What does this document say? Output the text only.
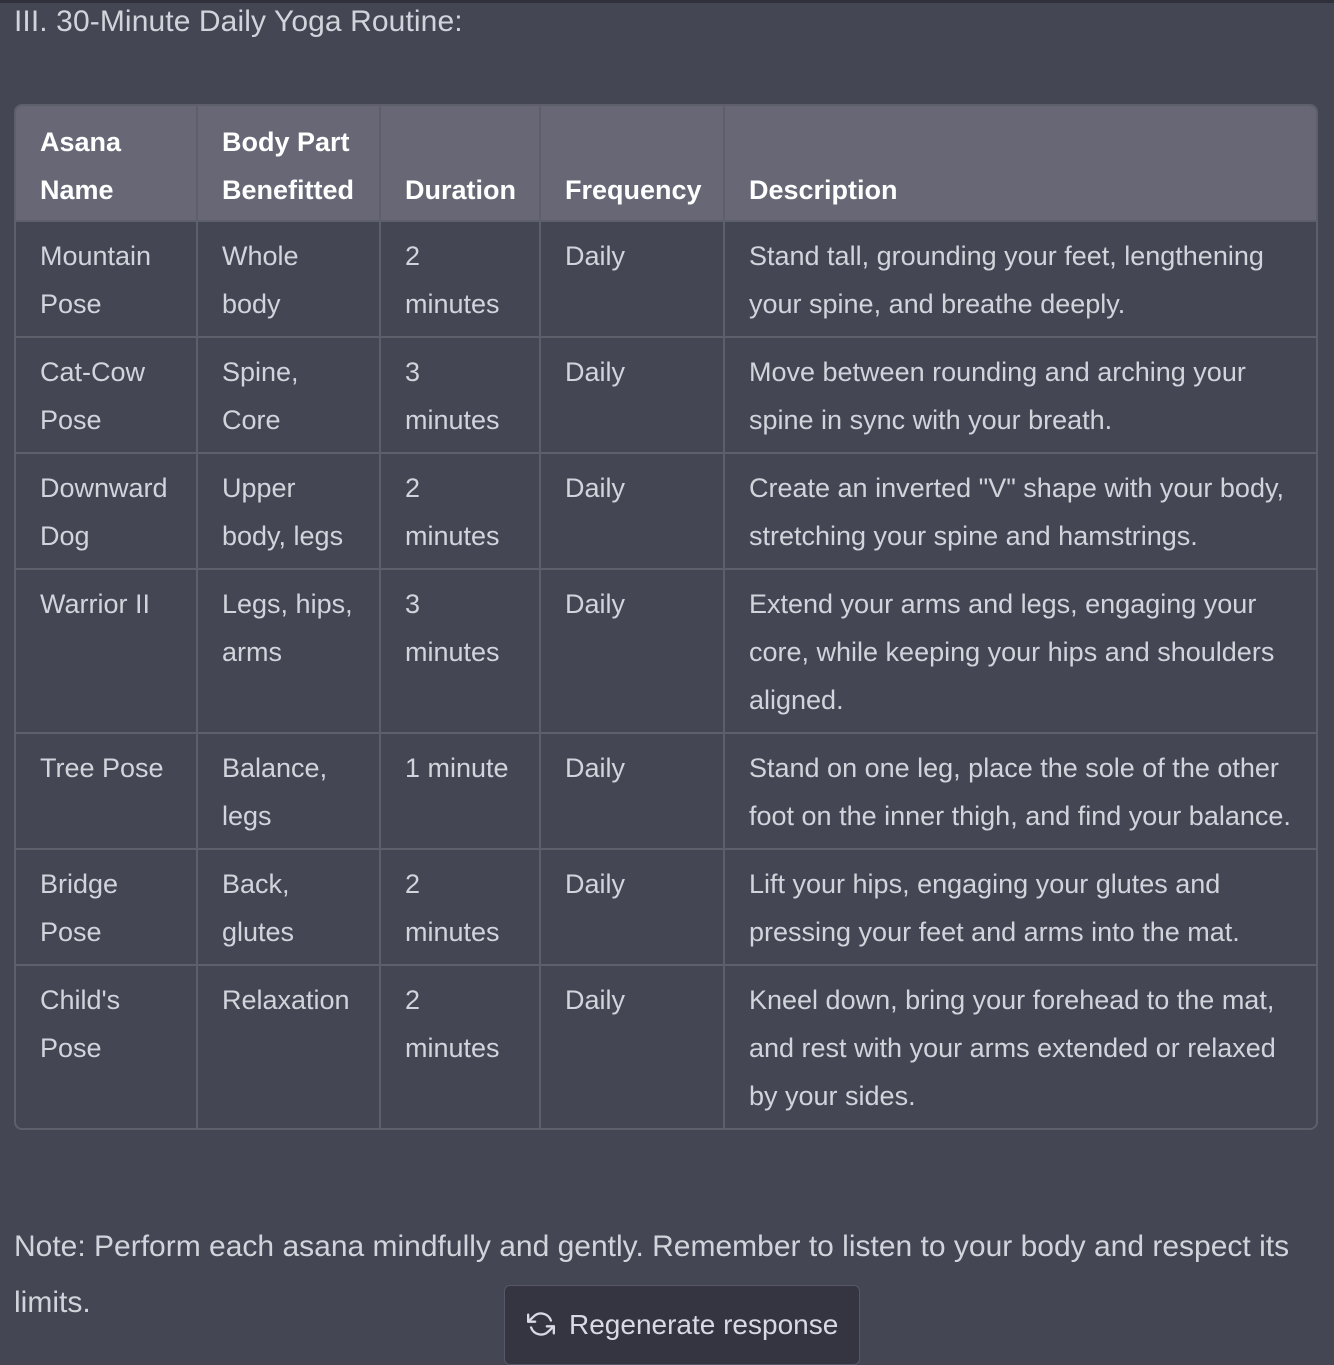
III. 30-Minute Daily Yoga Routine:
Asana Name	Body Part Benefitted	Duration	Frequency	Description
Mountain Pose	Whole body	2 minutes	Daily	Stand tall, grounding your feet, lengthening your spine, and breathe deeply.
Cat-Cow Pose	Spine, Core	3 minutes	Daily	Move between rounding and arching your spine in sync with your breath.
Downward Dog	Upper body, legs	2 minutes	Daily	Create an inverted "V" shape with your body, stretching your spine and hamstrings.
Warrior II	Legs, hips, arms	3 minutes	Daily	Extend your arms and legs, engaging your core, while keeping your hips and shoulders aligned.
Tree Pose	Balance, legs	1 minute	Daily	Stand on one leg, place the sole of the other foot on the inner thigh, and find your balance.
Bridge Pose	Back, glutes	2 minutes	Daily	Lift your hips, engaging your glutes and pressing your feet and arms into the mat.
Child's Pose	Relaxation	2 minutes	Daily	Kneel down, bring your forehead to the mat, and rest with your arms extended or relaxed by your sides.
Note: Perform each asana mindfully and gently. Remember to listen to your body and respect its limits.
Regenerate response
